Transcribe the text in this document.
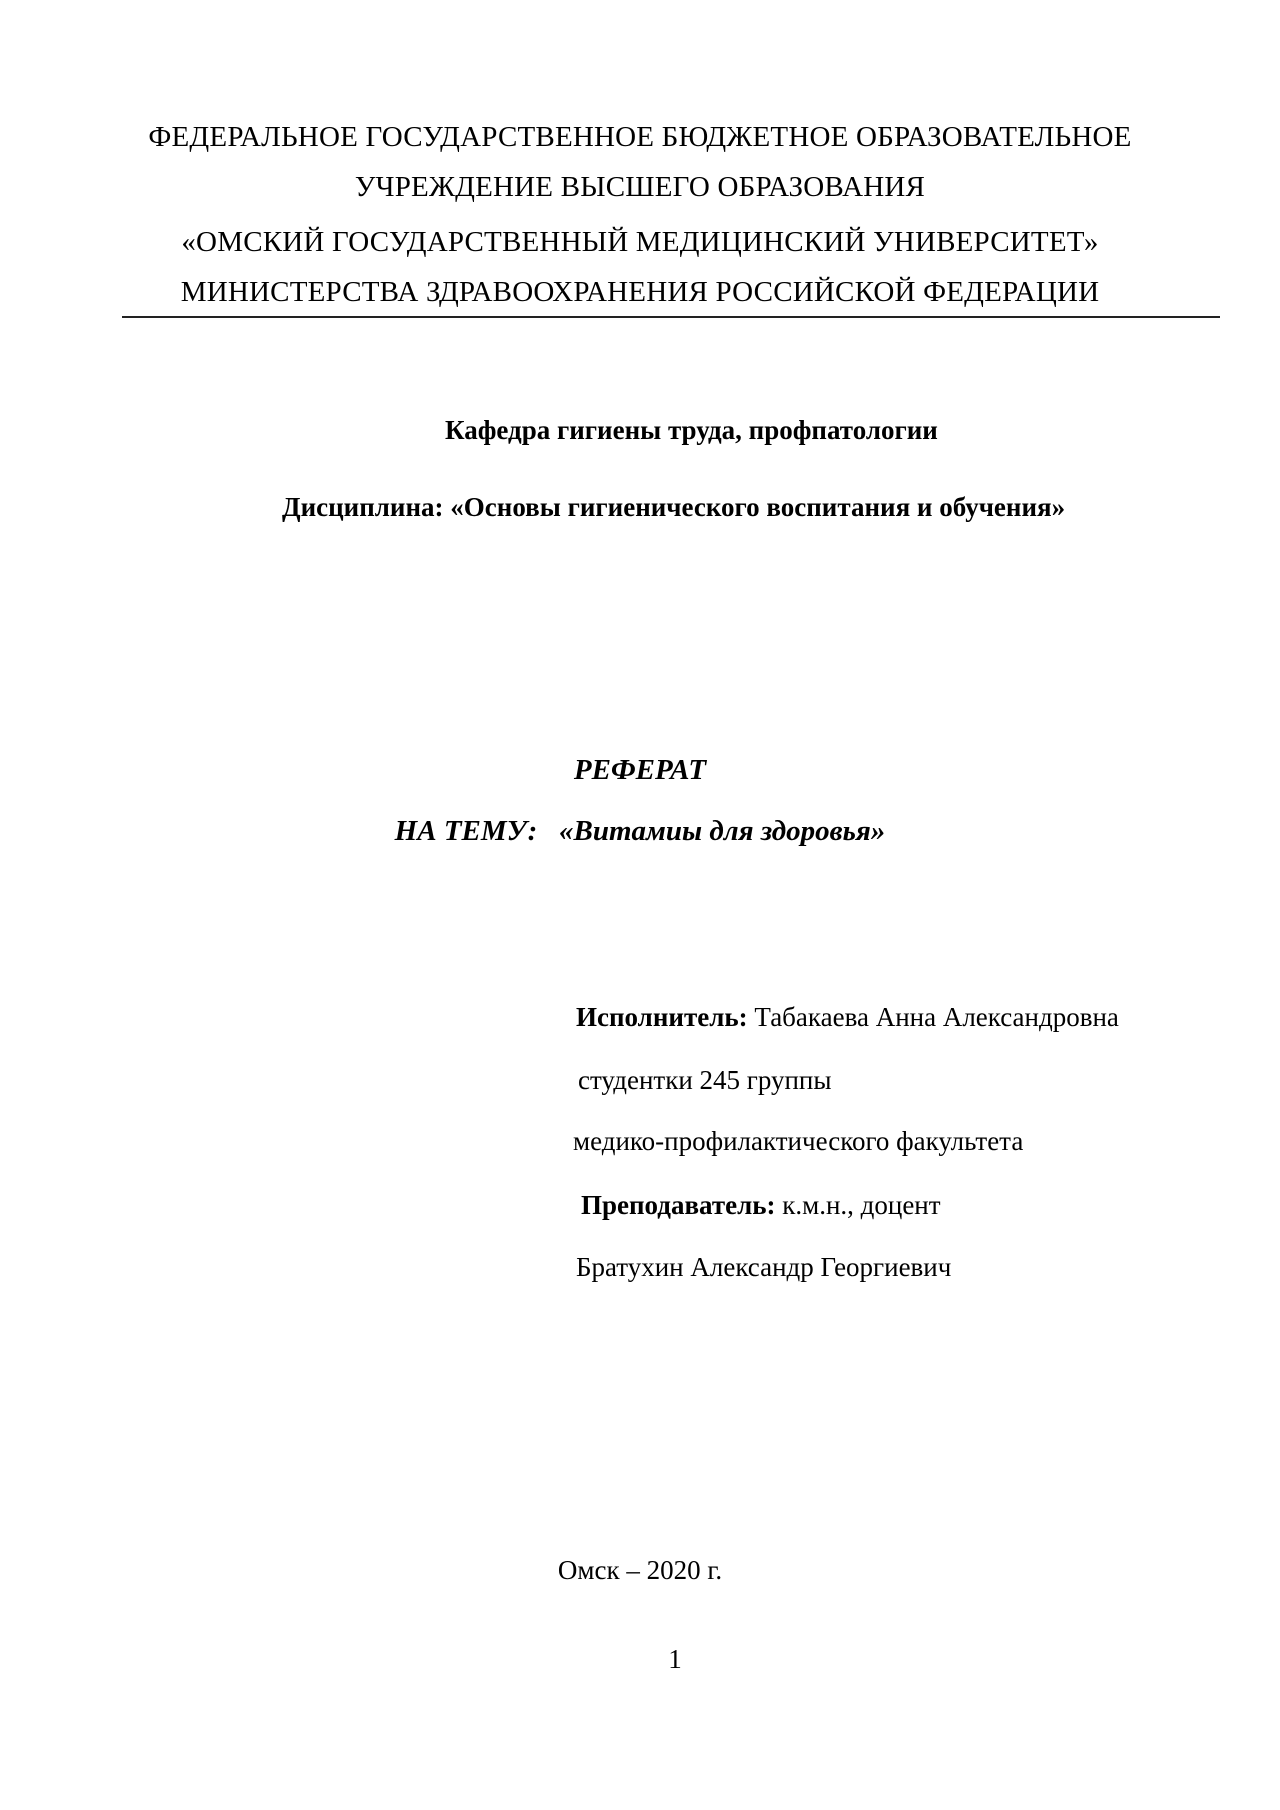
ФЕДЕРАЛЬНОЕ ГОСУДАРСТВЕННОЕ БЮДЖЕТНОЕ ОБРАЗОВАТЕЛЬНОЕ
УЧРЕЖДЕНИЕ ВЫСШЕГО ОБРАЗОВАНИЯ
«ОМСКИЙ ГОСУДАРСТВЕННЫЙ МЕДИЦИНСКИЙ УНИВЕРСИТЕТ»
МИНИСТЕРСТВА ЗДРАВООХРАНЕНИЯ РОССИЙСКОЙ ФЕДЕРАЦИИ
Кафедра гигиены труда, профпатологии
Дисциплина: «Основы гигиенического воспитания и обучения»
РЕФЕРАТ
НА ТЕМУ: «Витамиы для здоровья»
Исполнитель: Табакаева Анна Александровна
студентки 245 группы
медико-профилактического факультета
Преподаватель: к.м.н., доцент
Братухин Александр Георгиевич
Омск – 2020 г.
1
